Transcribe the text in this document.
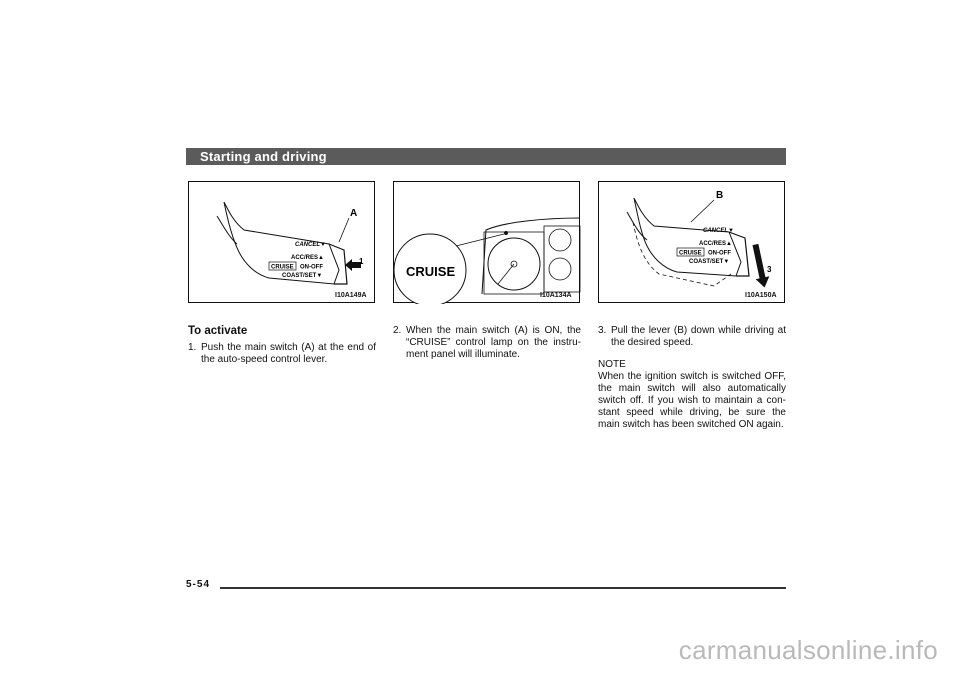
Starting and driving
CANCEL▼
ACC/RES▲
CRUISE ON-OFF
COAST/SET▼
A
1
I10A149A
CRUISE
I10A134A
B
CANCEL▼
ACC/RES▲
CRUISE ON-OFF
COAST/SET▼
3
I10A150A
To activate
1. Push the main switch (A) at the end of the auto-speed control lever.
2. When the main switch (A) is ON, the “CRUISE” control lamp on the instru- ment panel will illuminate.
3. Pull the lever (B) down while driving at the desired speed.
NOTE
When the ignition switch is switched OFF, the main switch will also automatically switch off. If you wish to maintain a con- stant speed while driving, be sure the main switch has been switched ON again.
5-54
carmanualsonline.info
